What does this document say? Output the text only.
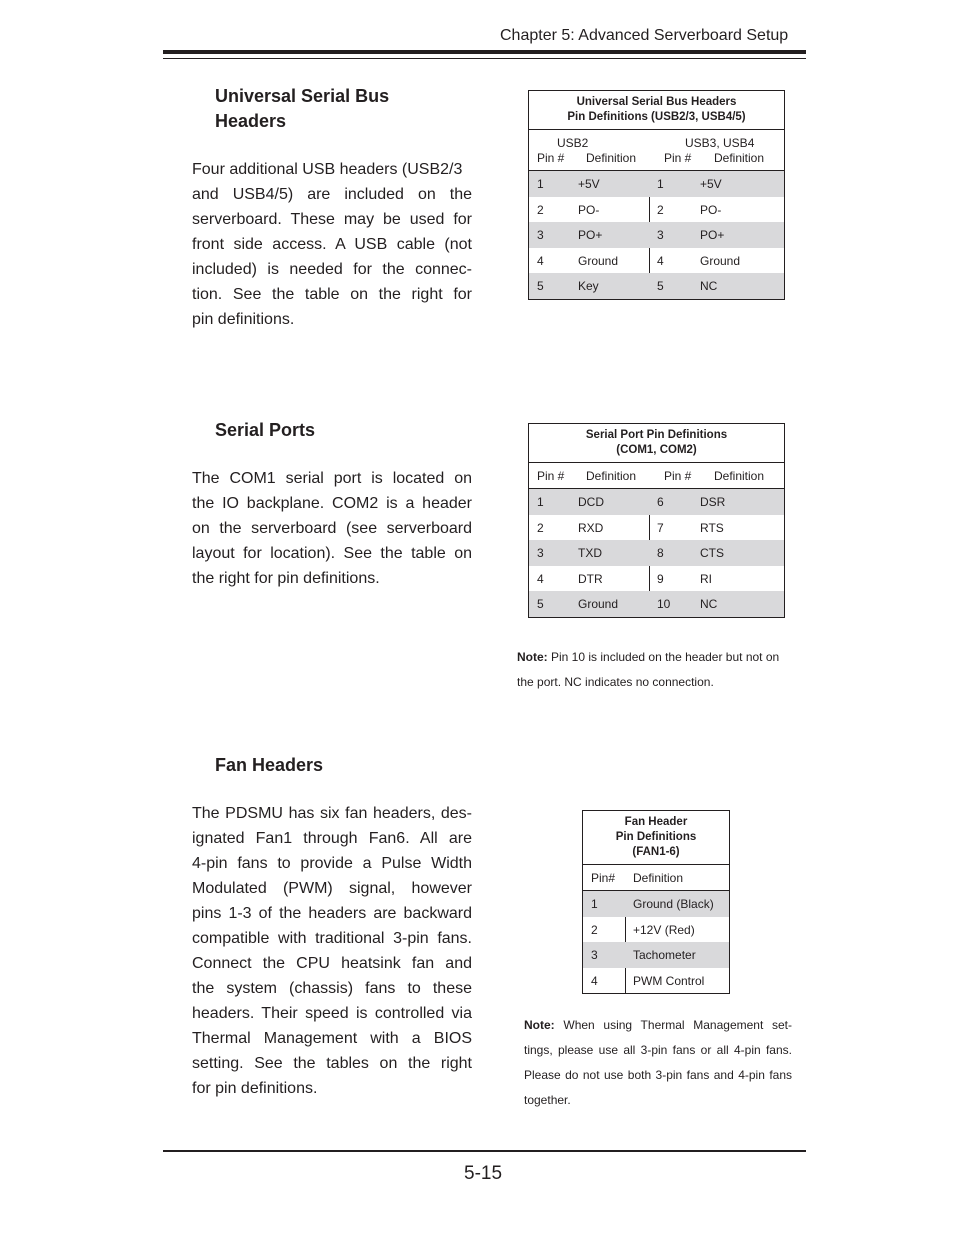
Chapter 5: Advanced Serverboard Setup
Universal Serial Bus
Headers
Four additional USB headers (USB2/3
and USB4/5) are included on the
serverboard. These may be used for
front side access. A USB cable (not
included) is needed for the connec-
tion. See the table on the right for
pin definitions.
Universal Serial Bus Headers
Pin Definitions (USB2/3, USB4/5)
USB2	USB3, USB4
Pin # Definition Pin # Definition
1	+5V	1	+5V
2	PO-	2	PO-
3	PO+	3	PO+
4	Ground	4	Ground
5	Key	5	NC
Serial Ports
The COM1 serial port is located on
the IO backplane. COM2 is a header
on the serverboard (see serverboard
layout for location). See the table on
the right for pin definitions.
Serial Port Pin Definitions
(COM1, COM2)
Pin # Definition Pin # Definition
1	DCD	6	DSR
2	RXD	7	RTS
3	TXD	8	CTS
4	DTR	9	RI
5	Ground	10 NC
Note: Pin 10 is included on the header but not on
the port. NC indicates no connection.
Fan Headers
The PDSMU has six fan headers, des-
ignated Fan1 through Fan6. All are
4-pin fans to provide a Pulse Width
Modulated (PWM) signal, however
pins 1-3 of the headers are backward
compatible with traditional 3-pin fans.
Connect the CPU heatsink fan and
the system (chassis) fans to these
headers. Their speed is controlled via
Thermal Management with a BIOS
setting. See the tables on the right
for pin definitions.
Fan Header
Pin Definitions
(FAN1-6)
Pin# Definition
1	Ground (Black)
2	+12V (Red)
3	Tachometer
4	PWM Control
Note: When using Thermal Management set-
tings, please use all 3-pin fans or all 4-pin fans.
Please do not use both 3-pin fans and 4-pin fans
together.
5-15
